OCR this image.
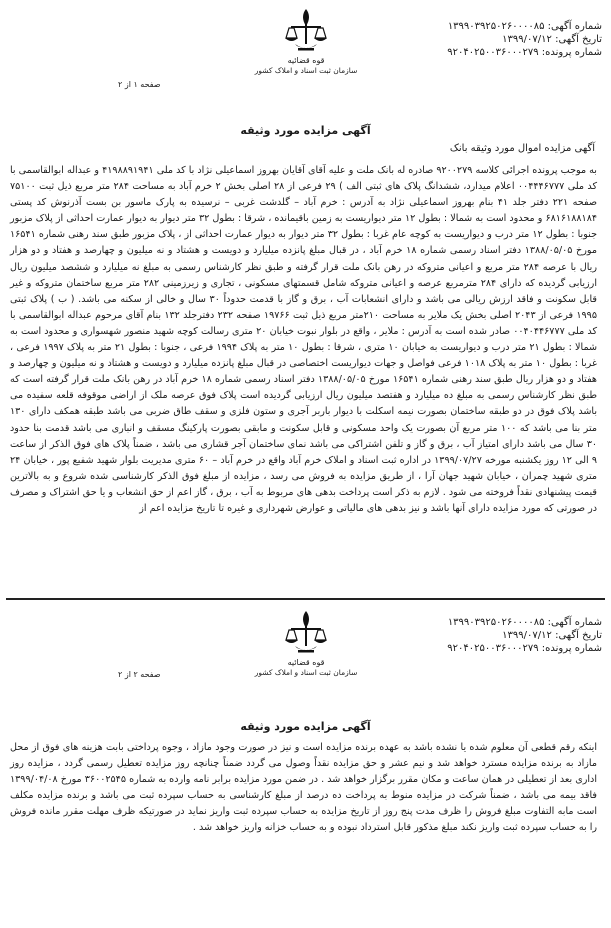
شماره آگهی: ۱۳۹۹۰۳۹۲۵۰۲۶۰۰۰۰۸۵
تاریخ آگهی: ۱۳۹۹/۰۷/۱۲
شماره پرونده: ۹۲۰۴۰۲۵۰۰۳۶۰۰۰۲۷۹
قوه قضائیه
سازمان ثبت اسناد و املاک کشور
صفحه ۱ از ۲
آگهی مزایده مورد وثیقه
آگهی مزایده اموال مورد وثیقه بانک
به موجب پرونده اجرائی کلاسه ۹۲۰۰۲۷۹ صادره له بانک ملت و علیه آقای آقایان بهروز اسماعیلی نژاد با کد ملی ۴۱۹۸۸۹۱۹۴۱ و عبداله ابوالقاسمی با کد ملی ۰۰۴۴۴۶۷۷۷ اعلام میدارد، ششدانگ پلاک های ثبتی الف ) ۲۹ فرعی از ۲۸ اصلی بخش ۲ خرم آباد به مساحت ۲۸۴ متر مربع ذیل ثبت ۷۵۱۰۰ صفحه ۲۲۱ دفتر جلد ۴۱ بنام بهروز اسماعیلی نژاد به آدرس : خرم آباد – گلدشت غربی – نرسیده به پارک ماسور بن بست آذرنوش کد پستی ۶۸۱۶۱۸۸۱۸۴ و محدود است به شمالا : بطول ۱۲ متر دیواریست به زمین باقیمانده ، شرقا : بطول ۳۲ متر دیوار به دیوار عمارت احداثی از پلاک مزبور جنوبا : بطول ۱۲ متر درب و دیواریست به کوچه عام غربا : بطول ۳۲ متر دیوار به دیوار عمارت احداثی از ، پلاک مزبور طبق سند رهنی شماره ۱۶۵۴۱ مورخ ۱۳۸۸/۰۵/۰۵ دفتر اسناد رسمی شماره ۱۸ خرم آباد ، در قبال مبلغ پانزده میلیارد و دویست و هشتاد و نه میلیون و چهارصد و هفتاد و دو هزار ریال با عرصه ۲۸۴ متر مربع و اعیانی متروکه در رهن بانک ملت قرار گرفته و طبق نظر کارشناس رسمی به مبلغ نه میلیارد و ششصد میلیون ریال ارزیابی گردیده که دارای ۲۸۴ مترمربع عرصه و اعیانی متروکه شامل قسمتهای مسکونی ، تجاری و زیرزمینی ۲۸۲ متر مربع ساختمان متروکه و غیر قابل سکونت و فاقد ارزش ریالی می باشد و دارای انشعابات آب ، برق و گاز با قدمت حدوداً ۳۰ سال و خالی از سکنه می باشد. ( ب ) پلاک ثبتی ۱۹۹۵ فرعی از ۲۰۴۳ اصلی بخش یک ملایر به مساحت ۲۱۰متر مربع ذیل ثبت ۱۹۷۶۶ صفحه ۲۳۲ دفترجلد ۱۳۲ بنام آقای مرحوم عبداله ابوالقاسمی با کد ملی ۰۰۴۰۴۴۶۷۷۷ صادر شده است به آدرس : ملایر ، واقع در بلوار نبوت خیابان ۲۰ متری رسالت کوچه شهید منصور شهسواری و محدود است به شمالا : بطول ۲۱ متر درب و دیواریست به خیابان ۱۰ متری ، شرقا : بطول ۱۰ متر به پلاک ۱۹۹۴ فرعی ، جنوبا : بطول ۲۱ متر به پلاک ۱۹۹۷ فرعی ، غربا : بطول ۱۰ متر به پلاک ۱۰۱۸ فرعی فواصل و جهات دیواریست اختصاصی در قبال مبلغ پانزده میلیارد و دویست و هشتاد و نه میلیون و چهارصد و هفتاد و دو هزار ریال طبق سند رهنی شماره ۱۶۵۴۱ مورخ ۱۳۸۸/۰۵/۰۵ دفتر اسناد رسمی شماره ۱۸ خرم آباد در رهن بانک ملت قرار گرفته است که طبق نظر کارشناس رسمی به مبلغ ده میلیارد و هفتصد میلیون ریال ارزیابی گردیده است پلاک فوق عرصه ملک از اراضی موقوفه قلعه سفیده می باشد پلاک فوق در دو طبقه ساختمان بصورت نیمه اسکلت با دیوار باربر آجری و ستون فلزی و سقف طاق ضربی می باشد طبقه همکف دارای ۱۳۰ متر بنا می باشد که ۱۰۰ متر مربع آن بصورت یک واحد مسکونی و قابل سکونت و مابقی بصورت پارکینگ مسقف و انباری می باشد قدمت بنا حدود ۳۰ سال می باشد دارای امتیاز آب ، برق و گاز و تلفن اشتراکی می باشد نمای ساختمان آجر قشاری می باشد ، ضمناً پلاک های فوق الذکر از ساعت ۹ الی ۱۲ روز یکشنبه مورخه ۱۳۹۹/۰۷/۲۷ در اداره ثبت اسناد و املاک خرم آباد واقع در خرم آباد – ۶۰ متری مدیریت بلوار شهید شفیع پور ، خیابان ۲۴ متری شهید چمران ، خیابان شهید جهان آرا ، از طریق مزایده به فروش می رسد ، مزایده از مبلغ فوق الذکر کارشناسی شده شروع و به بالاترین قیمت پیشنهادی نقداً فروخته می شود . لازم به ذکر است پرداخت بدهی های مربوط به آب ، برق ، گاز اعم از حق انشعاب و یا حق اشتراک و مصرف در صورتی که مورد مزایده دارای آنها باشد و نیز بدهی های مالیاتی و عوارض شهرداری و غیره تا تاریخ مزایده اعم از
شماره آگهی: ۱۳۹۹۰۳۹۲۵۰۲۶۰۰۰۰۸۵
تاریخ آگهی: ۱۳۹۹/۰۷/۱۲
شماره پرونده: ۹۲۰۴۰۲۵۰۰۳۶۰۰۰۲۷۹
قوه قضائیه
سازمان ثبت اسناد و املاک کشور
صفحه ۲ از ۲
آگهی مزایده مورد وثیقه
اینکه رقم قطعی آن معلوم شده یا نشده باشد به عهده برنده مزایده است و نیز در صورت وجود مازاد ، وجوه پرداختی بابت هزینه های فوق از محل مازاد به برنده مزایده مسترد خواهد شد و نیم عشر و حق مزایده نقداً وصول می گردد ضمناً چنانچه روز مزایده تعطیل رسمی گردد ، مزایده روز اداری بعد از تعطیلی در همان ساعت و مکان مقرر برگزار خواهد شد . در ضمن مورد مزایده برابر نامه وارده به شماره ۳۶۰۰۲۵۴۵ مورخ ۱۳۹۹/۰۴/۰۸ فاقد بیمه می باشد ، ضمناً شرکت در مزایده منوط به پرداخت ده درصد از مبلغ کارشناسی به حساب سپرده ثبت می باشد و برنده مزایده مکلف است مابه التفاوت مبلغ فروش را ظرف مدت پنج روز از تاریخ مزایده به حساب سپرده ثبت واریز نماید در صورتیکه ظرف مهلت مقرر مانده فروش را به حساب سپرده ثبت واریز نکند مبلغ مذکور قابل استرداد نبوده و به حساب خزانه واریز خواهد شد .
